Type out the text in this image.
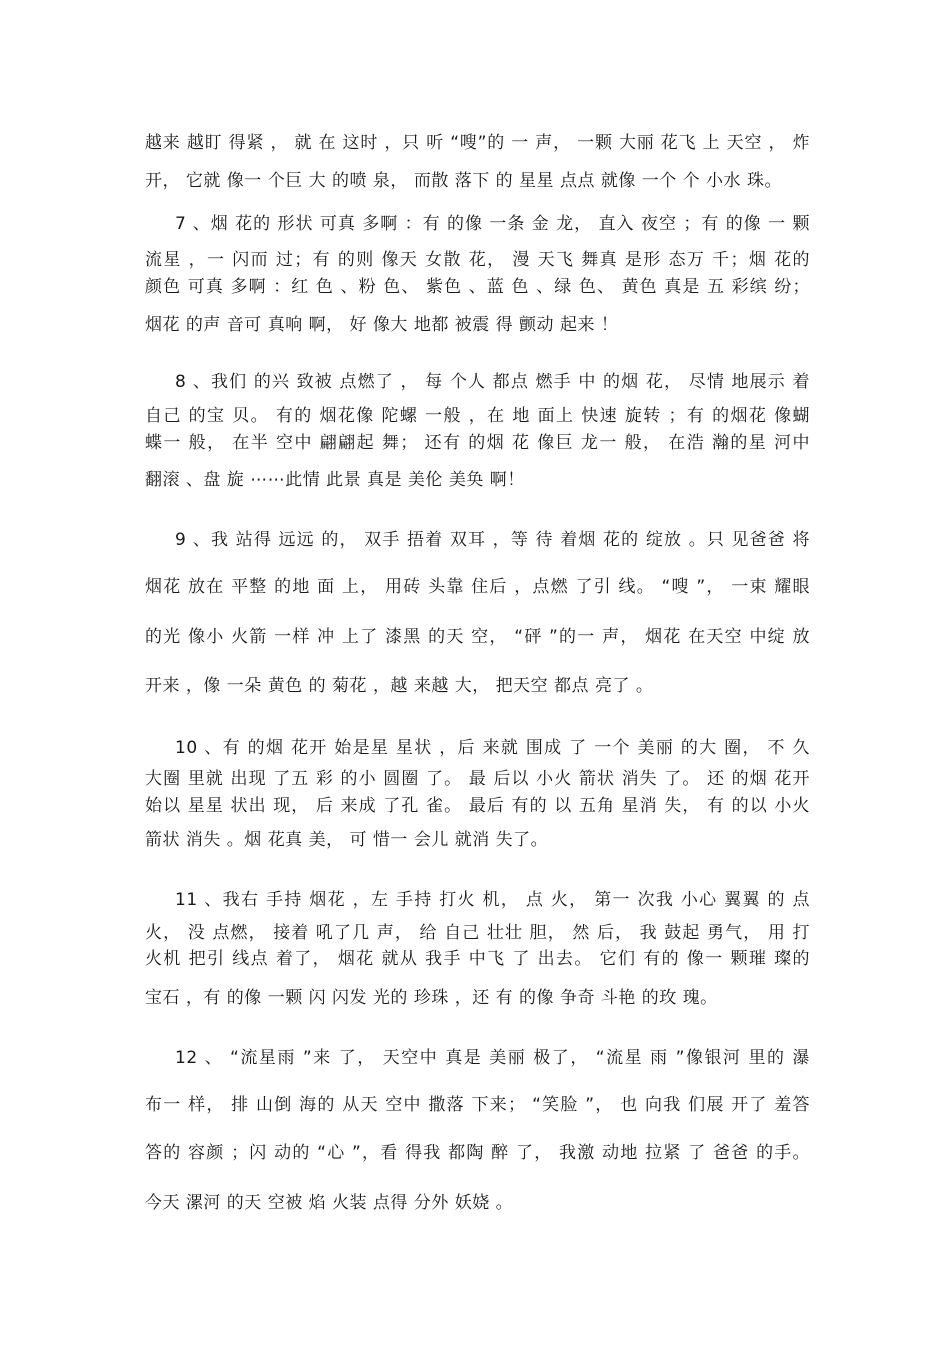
越来 越盯 得紧 ， 就 在 这时 ，只 听 “嗖”的 一 声， 一颗 大丽 花飞 上 天空 ， 炸
开， 它就 像一 个巨 大 的喷 泉， 而散 落下 的 星星 点点 就像 一个 个 小水 珠。
7 、烟 花的 形状 可真 多啊 ：有 的像 一条 金 龙， 直入 夜空 ；有 的像 一 颗
流星 ，一 闪而 过；有 的则 像天 女散 花， 漫 天飞 舞真 是形 态万 千；烟 花的
颜色 可真 多啊 ：红 色 、粉 色、 紫色 、蓝 色 、绿 色、 黄色 真是 五 彩缤 纷；
烟花 的声 音可 真响 啊， 好 像大 地都 被震 得 颤动 起来 ！
8 、我们 的兴 致被 点燃了 ， 每 个人 都点 燃手 中 的烟 花， 尽情 地展示 着
自己 的宝 贝。 有的 烟花像 陀螺 一般 ，在 地 面上 快速 旋转 ；有 的烟花 像蝴
蝶一 般， 在半 空中 翩翩起 舞； 还有 的烟 花 像巨 龙一 般， 在浩 瀚的星 河中
翻滚 、盘 旋 ⋯⋯此情 此景 真是 美伦 美奂 啊！
9 、我 站得 远远 的， 双手 捂着 双耳 ，等 待 着烟 花的 绽放 。只 见爸爸 将
烟花 放在 平整 的地 面 上， 用砖 头靠 住后 ，点燃 了引 线。 “嗖 ”， 一束 耀眼
的光 像小 火箭 一样 冲 上了 漆黑 的天 空， “砰 ”的一 声， 烟花 在天空 中绽 放
开来 ，像 一朵 黄色 的 菊花 ，越 来越 大， 把天空 都点 亮了 。
10 、有 的烟 花开 始是星 星状 ，后 来就 围成 了 一个 美丽 的大 圈， 不 久
大圈 里就 出现 了五 彩 的小 圆圈 了。 最 后以 小火 箭状 消失 了。 还 的烟 花开
始以 星星 状出 现， 后 来成 了孔 雀。 最后 有的 以 五角 星消 失， 有 的以 小火
箭状 消失 。烟 花真 美， 可 惜一 会儿 就消 失了。
11 、我右 手持 烟花 ，左 手持 打火 机， 点 火， 第一 次我 小心 翼翼 的 点
火， 没 点燃， 接着 吼了几 声， 给 自己 壮壮 胆， 然 后， 我 鼓起 勇气， 用 打
火机 把引 线点 着了， 烟花 就从 我手 中飞 了 出去。 它们 有的 像一 颗璀 璨的
宝石 ，有 的像 一颗 闪 闪发 光的 珍珠 ，还 有 的像 争奇 斗艳 的玫 瑰。
12 、 “流星雨 ”来 了， 天空中 真是 美丽 极了， “流星 雨 ”像银河 里的 瀑
布一 样， 排 山倒 海的 从天 空中 撒落 下来； “笑脸 ”， 也 向我 们展 开了 羞答
答的 容颜 ；闪 动的 “心 ”，看 得我 都陶 醉 了， 我激 动地 拉紧 了 爸爸 的手。
今天 漯河 的天 空被 焰 火装 点得 分外 妖娆 。
